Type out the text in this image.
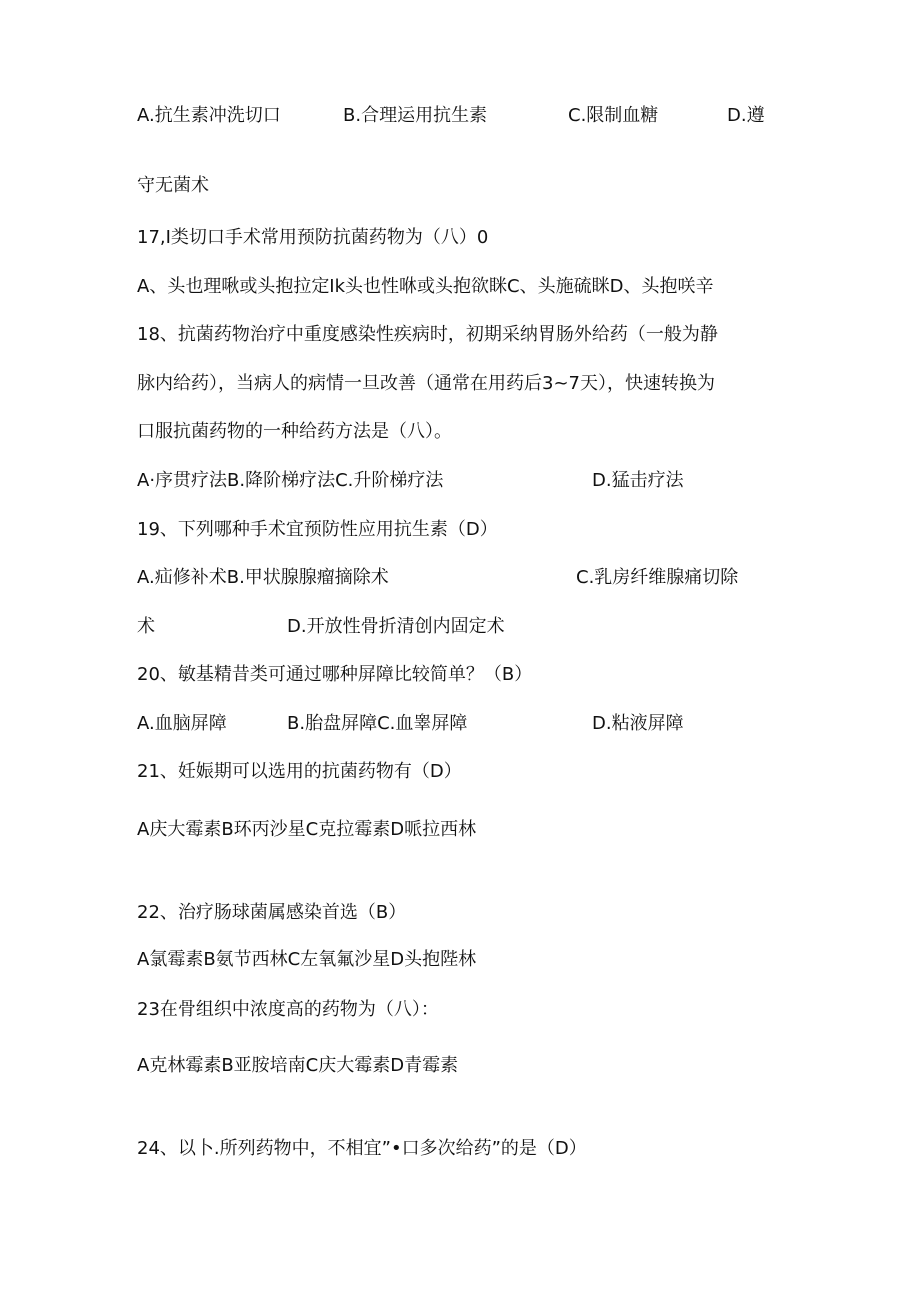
A.抗生素冲洗切口	B.合理运用抗生素	C.限制血糖	D.遵
守无菌术
17,I类切口手术常用预防抗菌药物为（八）0
A、头也理啾或头抱拉定Ik头也性咻或头抱欲眯C、头施硫眯D、头抱咲辛
18、抗菌药物治疗中重度感染性疾病时，初期采纳胃肠外给药（一般为静
脉内给药），当病人的病情一旦改善（通常在用药后3~7天），快速转换为
口服抗菌药物的一种给药方法是（八）。
A·序贯疗法B.降阶梯疗法C.升阶梯疗法	D.猛击疗法
19、下列哪种手术宜预防性应用抗生素（D）
A.疝修补术B.甲状腺腺瘤摘除术	C.乳房纤维腺痛切除
术	D.开放性骨折清创内固定术
20、敏基精昔类可通过哪种屏障比较简单？（B）
A.血脑屏障	B.胎盘屏障C.血睾屏障	D.粘液屏障
21、妊娠期可以选用的抗菌药物有（D）
A庆大霉素B环丙沙星C克拉霉素D哌拉西林
22、治疗肠球菌属感染首选（B）
A氯霉素B氨节西林C左氧氟沙星D头抱陛林
23在骨组织中浓度高的药物为（八）：
A克林霉素B亚胺培南C庆大霉素D青霉素
24、以卜.所列药物中，不相宜”•口多次给药”的是（D）
